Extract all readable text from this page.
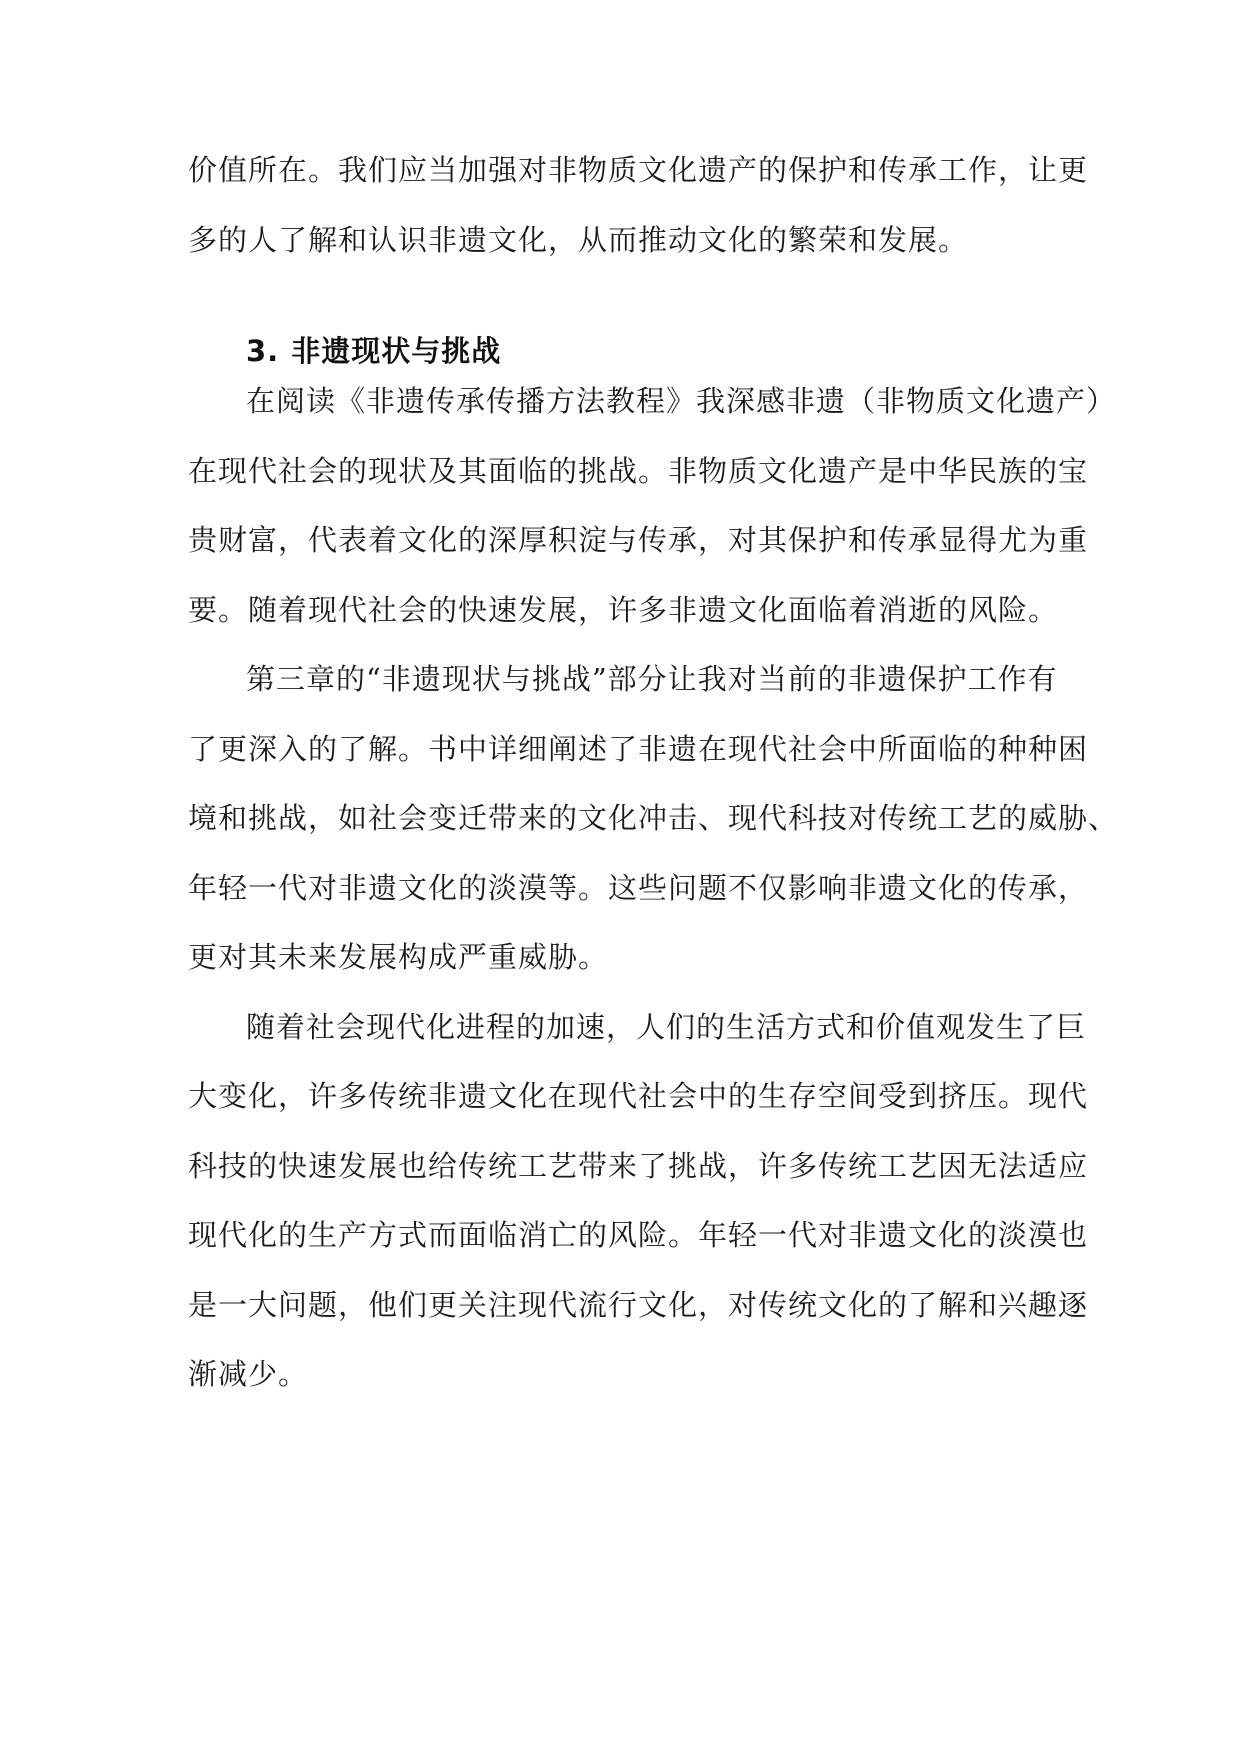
价值所在。我们应当加强对非物质文化遗产的保护和传承工作，让更
多的人了解和认识非遗文化，从而推动文化的繁荣和发展。
3. 非遗现状与挑战

在阅读《非遗传承传播方法教程》我深感非遗（非物质文化遗产）
在现代社会的现状及其面临的挑战。非物质文化遗产是中华民族的宝
贵财富，代表着文化的深厚积淀与传承，对其保护和传承显得尤为重
要。随着现代社会的快速发展，许多非遗文化面临着消逝的风险。

第三章的“非遗现状与挑战”部分让我对当前的非遗保护工作有
了更深入的了解。书中详细阐述了非遗在现代社会中所面临的种种困
境和挑战，如社会变迁带来的文化冲击、现代科技对传统工艺的威胁、
年轻一代对非遗文化的淡漠等。这些问题不仅影响非遗文化的传承，
更对其未来发展构成严重威胁。

随着社会现代化进程的加速，人们的生活方式和价值观发生了巨
大变化，许多传统非遗文化在现代社会中的生存空间受到挤压。现代
科技的快速发展也给传统工艺带来了挑战，许多传统工艺因无法适应
现代化的生产方式而面临消亡的风险。年轻一代对非遗文化的淡漠也
是一大问题，他们更关注现代流行文化，对传统文化的了解和兴趣逐
渐减少。
